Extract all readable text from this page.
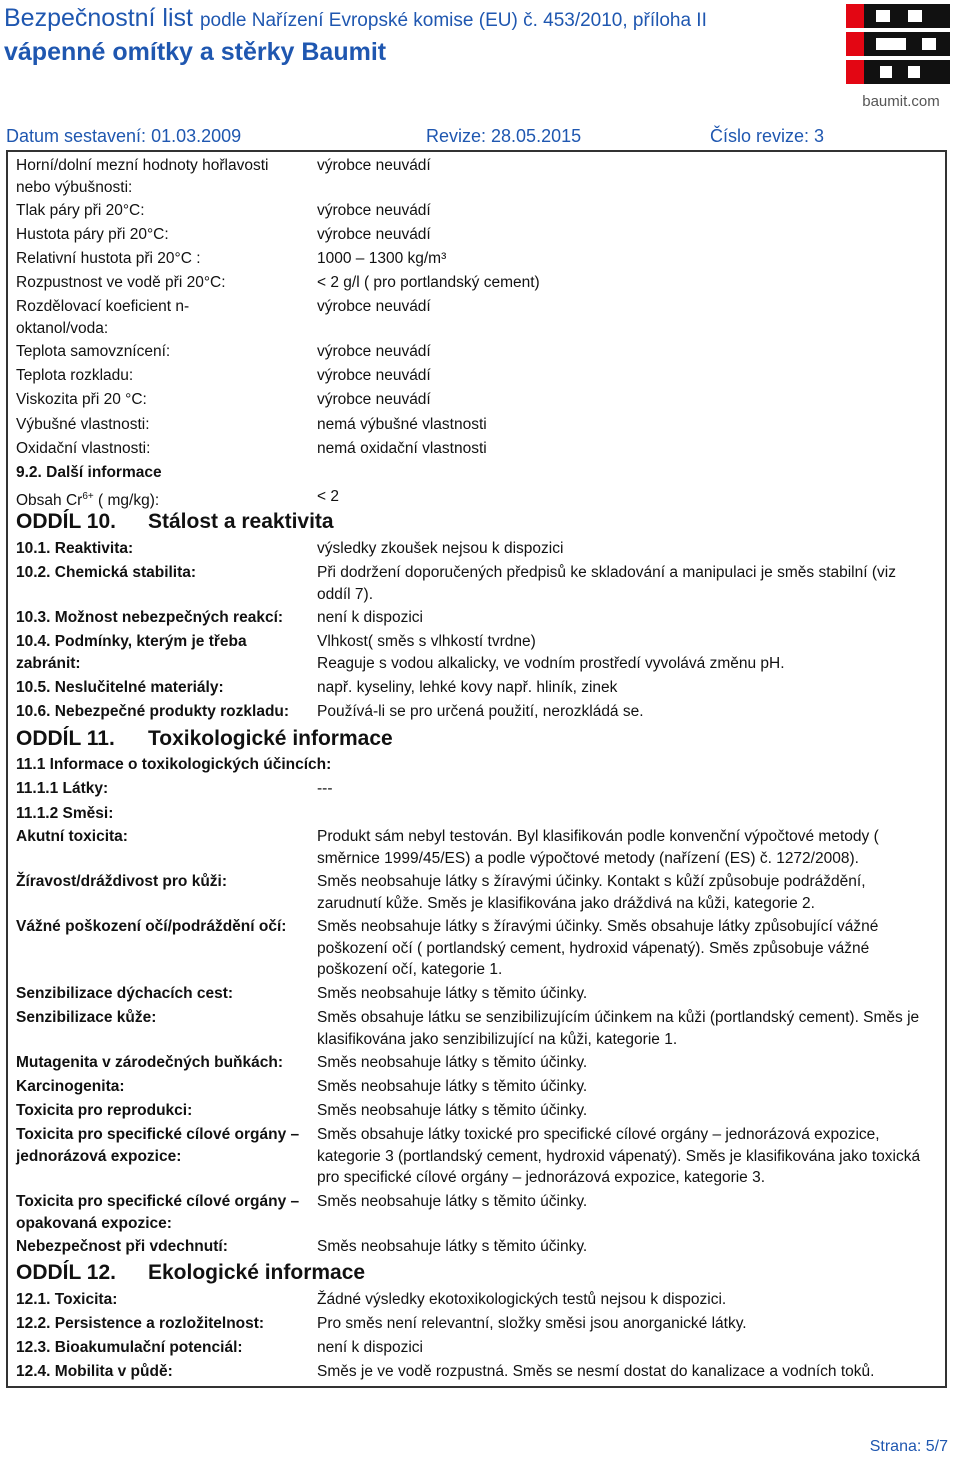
Bezpečnostní list podle Nařízení Evropské komise (EU) č. 453/2010, příloha II
vápenné omítky a stěrky Baumit
baumit.com
Datum sestavení: 01.03.2009	Revize: 28.05.2015	Číslo revize: 3
Horní/dolní mezní hodnoty hořlavosti nebo výbušnosti:
výrobce neuvádí
Tlak páry při 20°C:	výrobce neuvádí
Hustota páry při 20°C:	výrobce neuvádí
Relativní hustota při 20°C :	1000 – 1300 kg/m³
Rozpustnost ve vodě při 20°C:	< 2 g/l ( pro portlandský cement)
Rozdělovací koeficient n-oktanol/voda:
výrobce neuvádí
Teplota samovznícení:	výrobce neuvádí
Teplota rozkladu:	výrobce neuvádí
Viskozita při 20 °C:	výrobce neuvádí
Výbušné vlastnosti:	nemá výbušné vlastnosti
Oxidační vlastnosti:	nemá oxidační vlastnosti
9.2. Další informace
Obsah $Cr^{6+}$ ( mg/kg):	< 2
ODDÍL 10. Stálost a reaktivita
10.1. Reaktivita:	výsledky zkoušek nejsou k dispozici
10.2. Chemická stabilita:	Při dodržení doporučených předpisů ke skladování a manipulaci je směs stabilní (viz oddíl 7).
10.3. Možnost nebezpečných reakcí:	není k dispozici
10.4. Podmínky, kterým je třeba zabránit:
Vlhkost( směs s vlhkostí tvrdne)
Reaguje s vodou alkalicky, ve vodním prostředí vyvolává změnu pH.
10.5. Neslučitelné materiály:	např. kyseliny, lehké kovy např. hliník, zinek
10.6. Nebezpečné produkty rozkladu:	Používá-li se pro určená použití, nerozkládá se.
ODDÍL 11. Toxikologické informace
11.1 Informace o toxikologických účincích:
11.1.1 Látky:	---
11.1.2 Směsi:
Akutní toxicita:	Produkt sám nebyl testován. Byl klasifikován podle konvenční výpočtové metody ( směrnice 1999/45/ES) a podle výpočtové metody (nařízení (ES) č. 1272/2008).
Žíravost/dráždivost pro kůži:	Směs neobsahuje látky s žíravými účinky. Kontakt s kůží způsobuje podráždění, zarudnutí kůže. Směs je klasifikována jako dráždivá na kůži, kategorie 2.
Vážné poškození očí/podráždění očí:	Směs neobsahuje látky s žíravými účinky. Směs obsahuje látky způsobující vážné poškození očí ( portlandský cement, hydroxid vápenatý). Směs způsobuje vážné poškození očí, kategorie 1.
Senzibilizace dýchacích cest:	Směs neobsahuje látky s těmito účinky.
Senzibilizace kůže:	Směs obsahuje látku se senzibilizujícím účinkem na kůži (portlandský cement). Směs je klasifikována jako senzibilizující na kůži, kategorie 1.
Mutagenita v zárodečných buňkách:	Směs neobsahuje látky s těmito účinky.
Karcinogenita:	Směs neobsahuje látky s těmito účinky.
Toxicita pro reprodukci:	Směs neobsahuje látky s těmito účinky.
Toxicita pro specifické cílové orgány – jednorázová expozice:
Směs obsahuje látky toxické pro specifické cílové orgány – jednorázová expozice, kategorie 3 (portlandský cement, hydroxid vápenatý). Směs je klasifikována jako toxická pro specifické cílové orgány – jednorázová expozice, kategorie 3.
Toxicita pro specifické cílové orgány – opakovaná expozice:
Směs neobsahuje látky s těmito účinky.
Nebezpečnost při vdechnutí:	Směs neobsahuje látky s těmito účinky.
ODDÍL 12. Ekologické informace
12.1. Toxicita:	Žádné výsledky ekotoxikologických testů nejsou k dispozici.
12.2. Persistence a rozložitelnost:	Pro směs není relevantní, složky směsi jsou anorganické látky.
12.3. Bioakumulační potenciál:	není k dispozici
12.4. Mobilita v půdě:	Směs je ve vodě rozpustná. Směs se nesmí dostat do kanalizace a vodních toků.
Strana: 5/7
